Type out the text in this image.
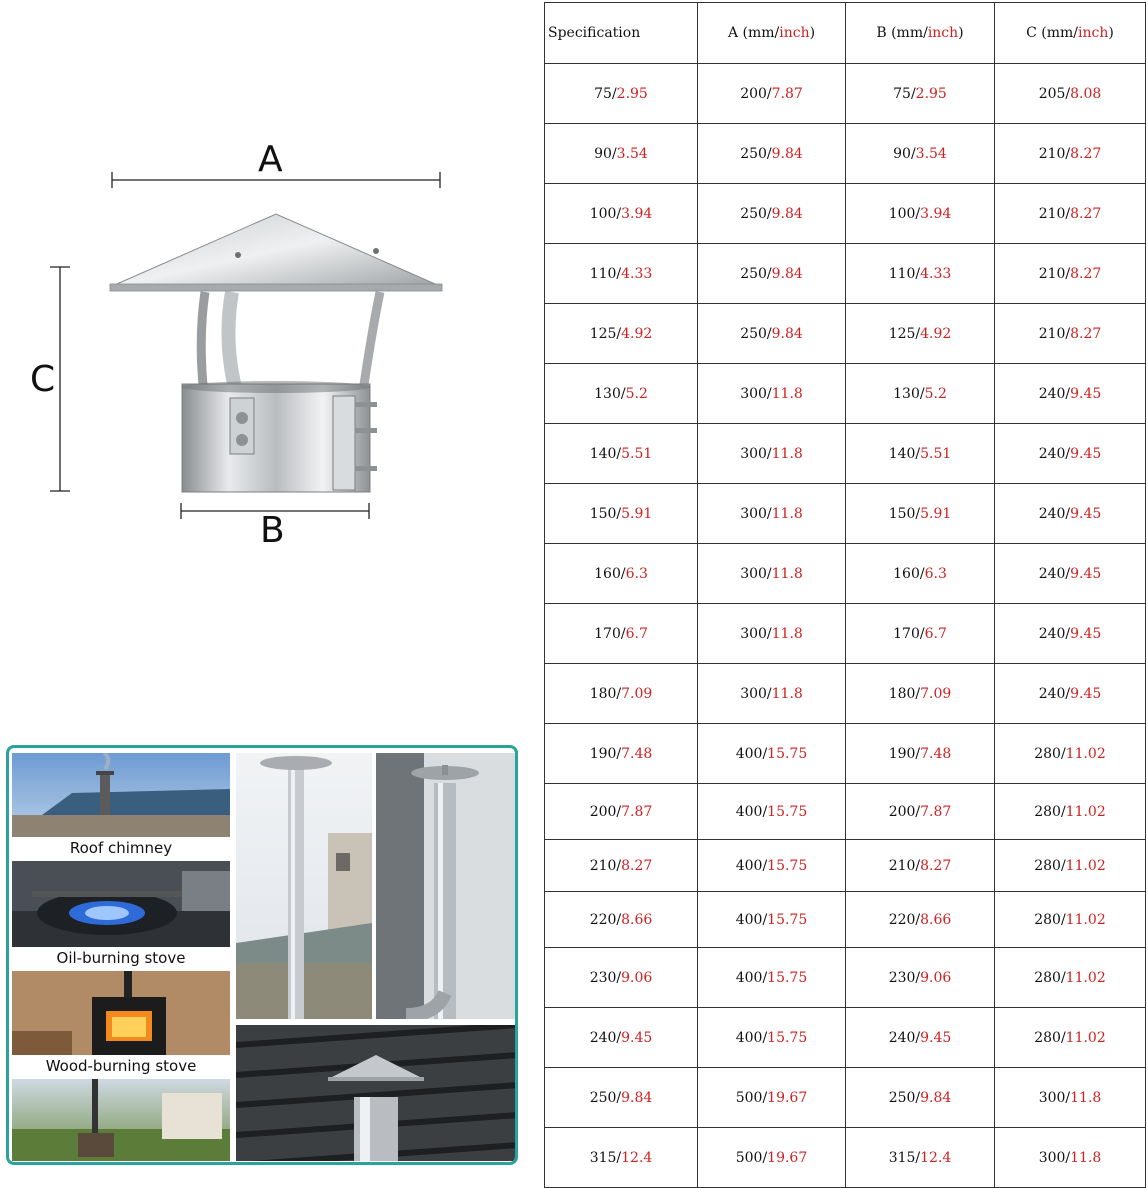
A
C
B
Roof chimney
Oil-burning stove
Wood-burning stove
Specification	A (mm/inch)	B (mm/inch)	C (mm/inch)
75/2.95	200/7.87	75/2.95	205/8.08
90/3.54	250/9.84	90/3.54	210/8.27
100/3.94	250/9.84	100/3.94	210/8.27
110/4.33	250/9.84	110/4.33	210/8.27
125/4.92	250/9.84	125/4.92	210/8.27
130/5.2	300/11.8	130/5.2	240/9.45
140/5.51	300/11.8	140/5.51	240/9.45
150/5.91	300/11.8	150/5.91	240/9.45
160/6.3	300/11.8	160/6.3	240/9.45
170/6.7	300/11.8	170/6.7	240/9.45
180/7.09	300/11.8	180/7.09	240/9.45
190/7.48	400/15.75	190/7.48	280/11.02
200/7.87	400/15.75	200/7.87	280/11.02
210/8.27	400/15.75	210/8.27	280/11.02
220/8.66	400/15.75	220/8.66	280/11.02
230/9.06	400/15.75	230/9.06	280/11.02
240/9.45	400/15.75	240/9.45	280/11.02
250/9.84	500/19.67	250/9.84	300/11.8
315/12.4	500/19.67	315/12.4	300/11.8
